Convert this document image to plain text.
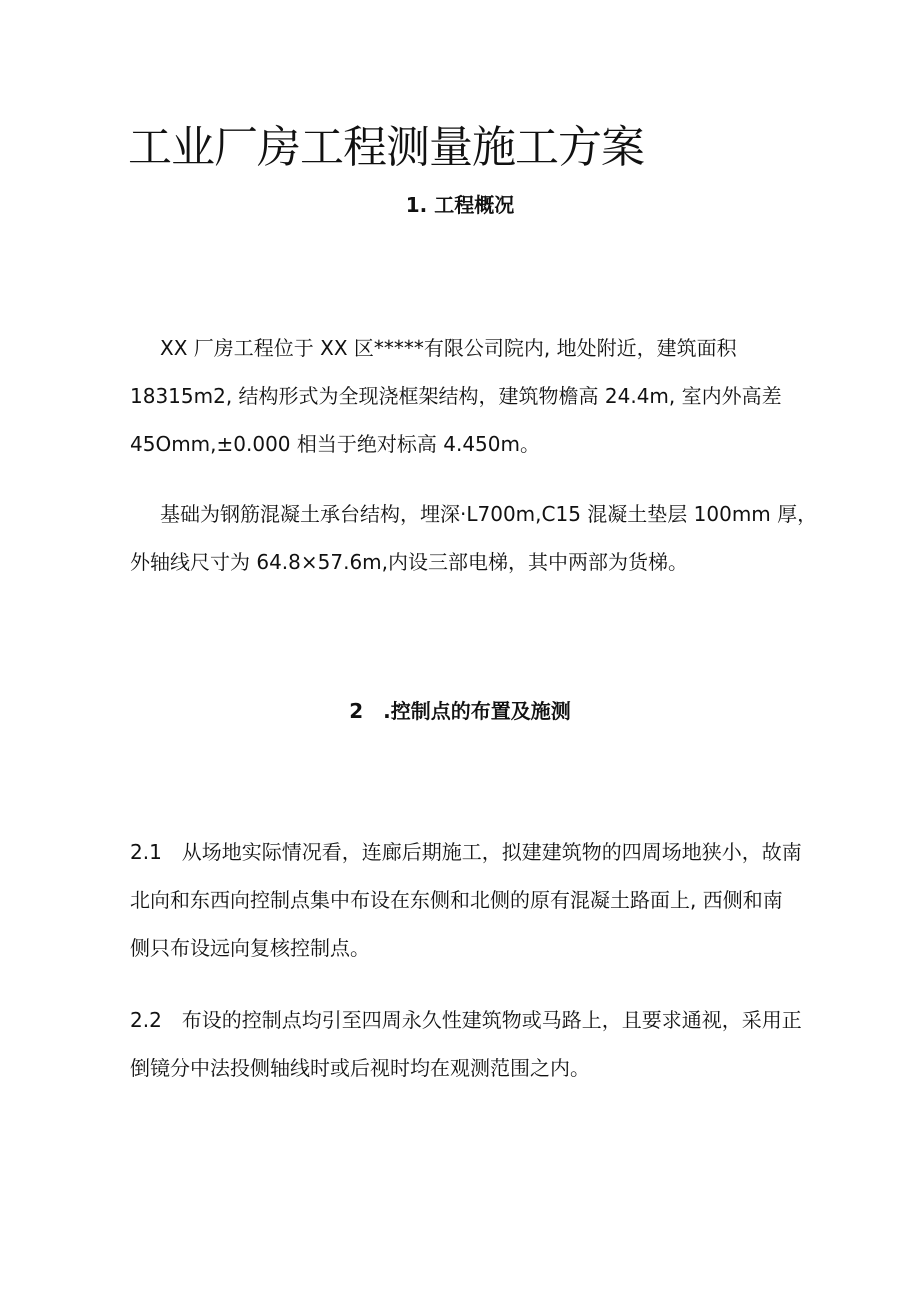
工业厂房工程测量施工方案
1. 工程概况
XX 厂房工程位于 XX 区*****有限公司院内, 地处附近，建筑面积
18315m2, 结构形式为全现浇框架结构，建筑物檐高 24.4m, 室内外高差
45Omm,±0.000 相当于绝对标高 4.450m。
基础为钢筋混凝土承台结构，埋深·L700m,C15 混凝土垫层 100mm 厚，
外轴线尺寸为 64.8×57.6m,内设三部电梯，其中两部为货梯。
2 .控制点的布置及施测
2.1 从场地实际情况看，连廊后期施工，拟建建筑物的四周场地狭小，故南
北向和东西向控制点集中布设在东侧和北侧的原有混凝土路面上, 西侧和南
侧只布设远向复核控制点。
2.2 布设的控制点均引至四周永久性建筑物或马路上，且要求通视，采用正
倒镜分中法投侧轴线时或后视时均在观测范围之内。
